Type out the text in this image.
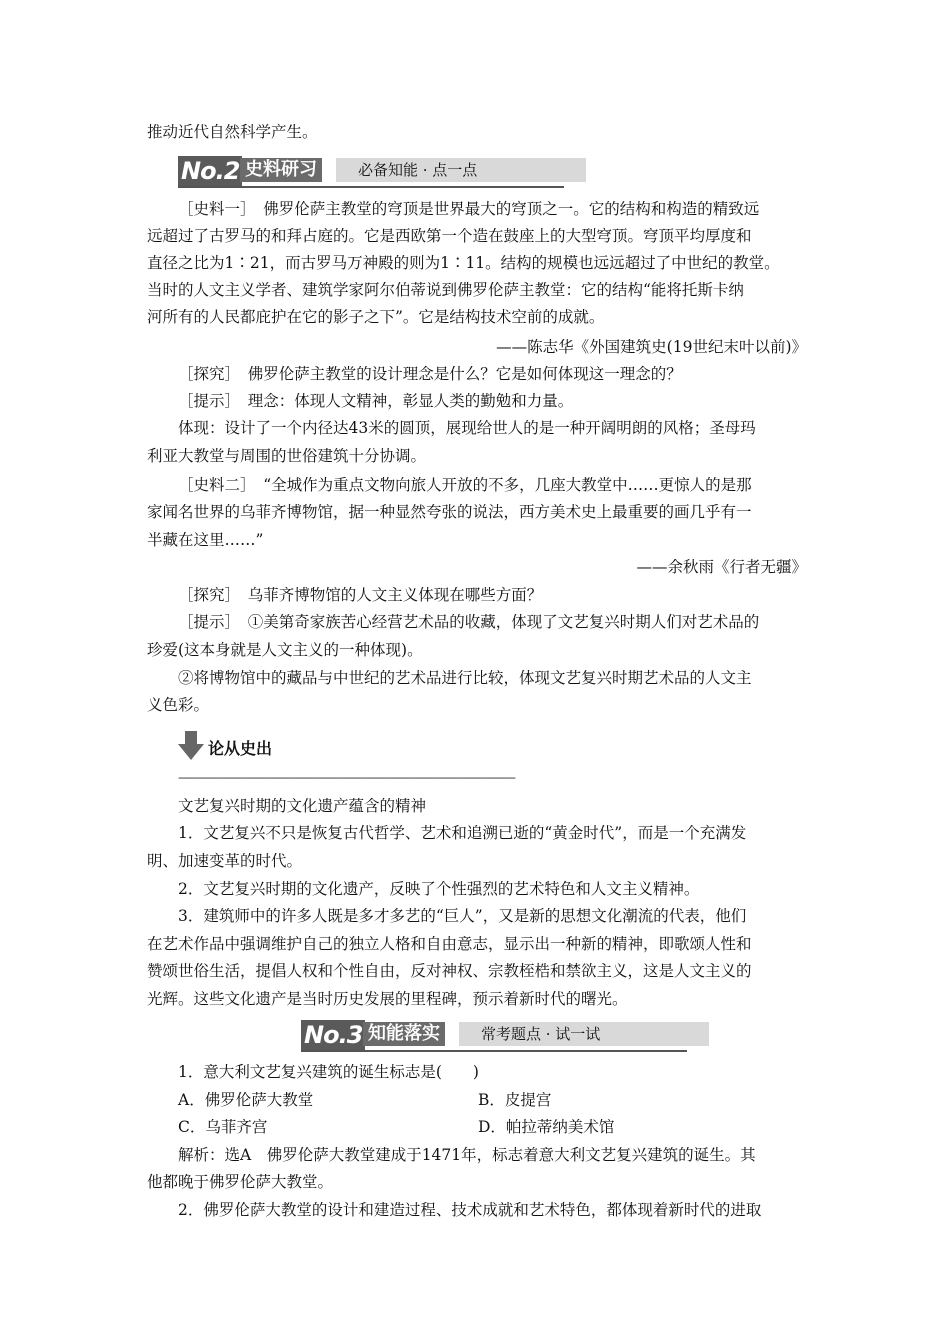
推动近代自然科学产生。
No.2 史料研习	必备知能 · 点一点
［史料一］　佛罗伦萨主教堂的穹顶是世界最大的穹顶之一。它的结构和构造的精致远
远超过了古罗马的和拜占庭的。它是西欧第一个造在鼓座上的大型穹顶。穹顶平均厚度和
直径之比为1∶21，而古罗马万神殿的则为1∶11。结构的规模也远远超过了中世纪的教堂。
当时的人文主义学者、建筑学家阿尔伯蒂说到佛罗伦萨主教堂：它的结构“能将托斯卡纳
河所有的人民都庇护在它的影子之下”。它是结构技术空前的成就。
——陈志华《外国建筑史(19世纪末叶以前)》
［探究］　佛罗伦萨主教堂的设计理念是什么？它是如何体现这一理念的？
［提示］　理念：体现人文精神，彰显人类的勤勉和力量。
体现：设计了一个内径达43米的圆顶，展现给世人的是一种开阔明朗的风格；圣母玛
利亚大教堂与周围的世俗建筑十分协调。
［史料二］　“全城作为重点文物向旅人开放的不多，几座大教堂中……更惊人的是那
家闻名世界的乌菲齐博物馆，据一种显然夸张的说法，西方美术史上最重要的画几乎有一
半藏在这里……”
——余秋雨《行者无疆》
［探究］　乌菲齐博物馆的人文主义体现在哪些方面？
［提示］　①美第奇家族苦心经营艺术品的收藏，体现了文艺复兴时期人们对艺术品的
珍爱(这本身就是人文主义的一种体现)。
②将博物馆中的藏品与中世纪的艺术品进行比较，体现文艺复兴时期艺术品的人文主
义色彩。
论从史出
————————————————————————————
文艺复兴时期的文化遗产蕴含的精神
1．文艺复兴不只是恢复古代哲学、艺术和追溯已逝的“黄金时代”，而是一个充满发
明、加速变革的时代。
2．文艺复兴时期的文化遗产，反映了个性强烈的艺术特色和人文主义精神。
3．建筑师中的许多人既是多才多艺的“巨人”，又是新的思想文化潮流的代表，他们
在艺术作品中强调维护自己的独立人格和自由意志，显示出一种新的精神，即歌颂人性和
赞颂世俗生活，提倡人权和个性自由，反对神权、宗教桎梏和禁欲主义，这是人文主义的
光辉。这些文化遗产是当时历史发展的里程碑，预示着新时代的曙光。
No.3 知能落实	常考题点 · 试一试
1．意大利文艺复兴建筑的诞生标志是(　　)
A．佛罗伦萨大教堂	B．皮提宫
C．乌菲齐宫	D．帕拉蒂纳美术馆
解析：选A　佛罗伦萨大教堂建成于1471年，标志着意大利文艺复兴建筑的诞生。其
他都晚于佛罗伦萨大教堂。
2．佛罗伦萨大教堂的设计和建造过程、技术成就和艺术特色，都体现着新时代的进取
